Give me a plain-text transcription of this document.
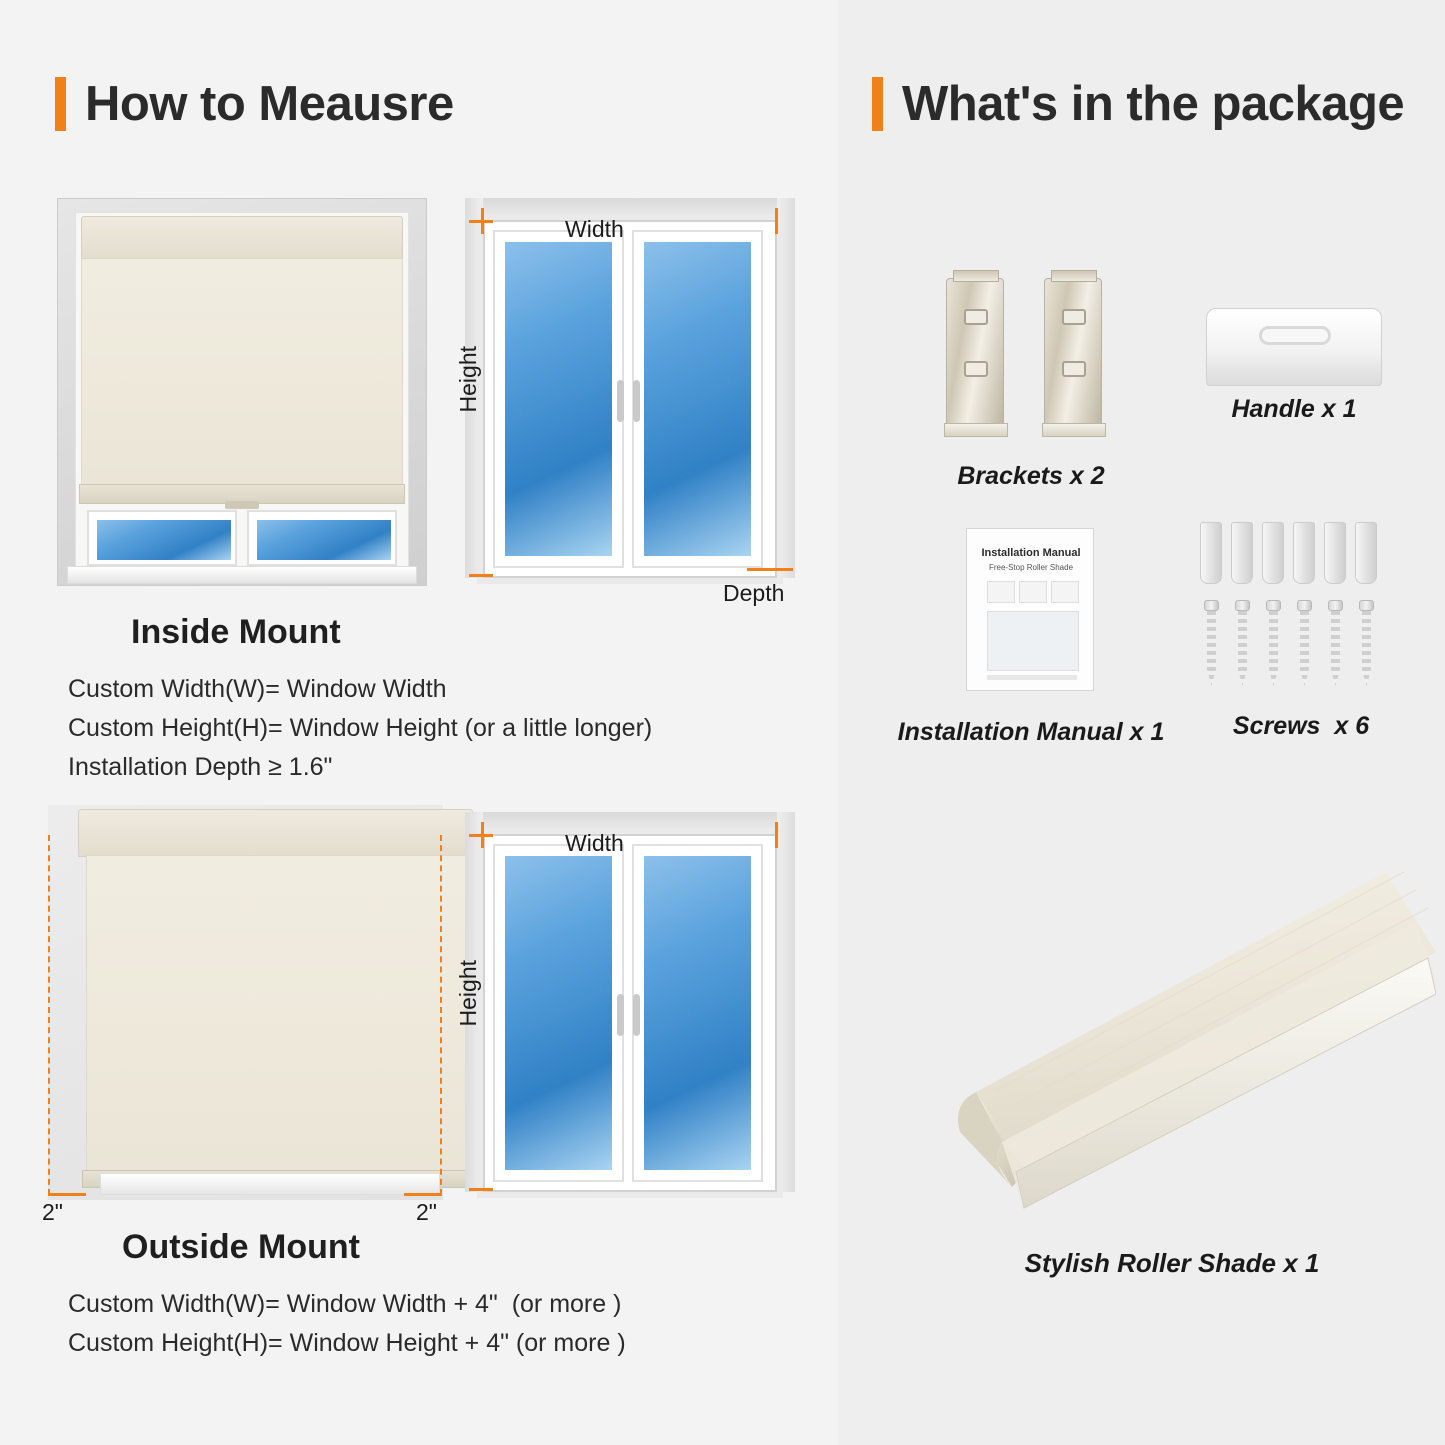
How to Meausre
Width
Height
Depth
Inside Mount
Custom Width(W)= Window Width
Custom Height(H)= Window Height (or a little longer)
Installation Depth ≥ 1.6"
2"	2"
Width
Height
Outside Mount
Custom Width(W)= Window Width + 4"  (or more )
Custom Height(H)= Window Height + 4" (or more )
Brackets x 2
Handle x 1
Installation Manual
Free-Stop Roller Shade
Installation Manual x 1	Screws  x 6
Stylish Roller Shade x 1
What's in the package
